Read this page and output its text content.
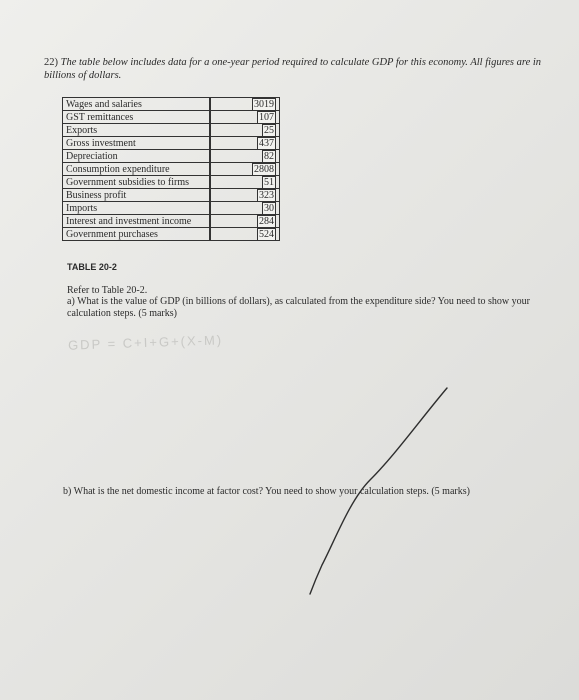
22) The table below includes data for a one-year period required to calculate GDP for this economy. All figures are in billions of dollars.
Wages and salaries	3019
GST remittances	107
Exports	25
Gross investment	437
Depreciation	82
Consumption expenditure	2808
Government subsidies to firms	51
Business profit	323
Imports	30
Interest and investment income	284
Government purchases	524
TABLE 20-2
Refer to Table 20-2.
a) What is the value of GDP (in billions of dollars), as calculated from the expenditure side? You need to show your calculation steps. (5 marks)
GDP = C+I+G+(X-M)
b) What is the net domestic income at factor cost? You need to show your calculation steps. (5 marks)
